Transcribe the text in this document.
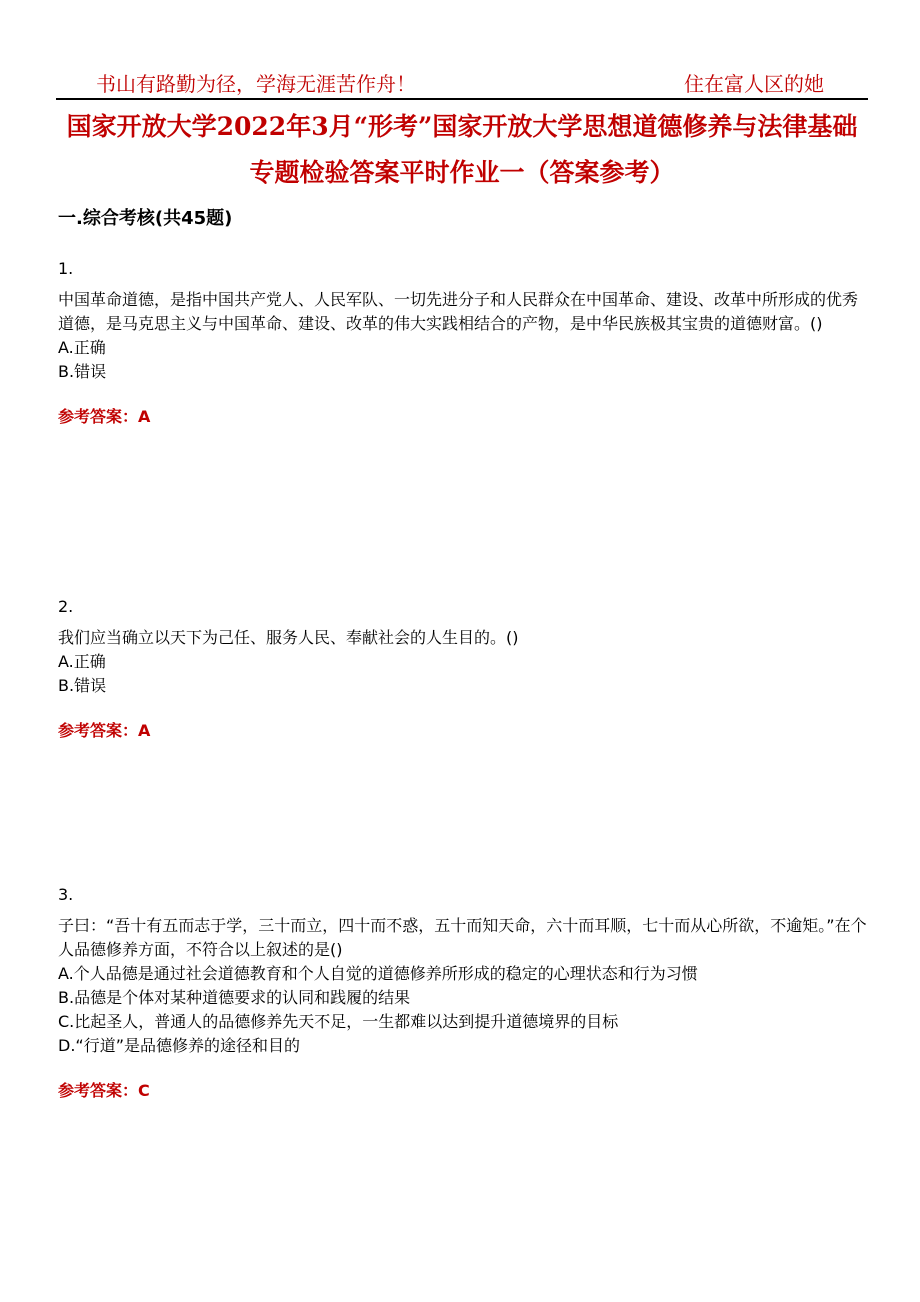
书山有路勤为径，学海无涯苦作舟！	住在富人区的她
国家开放大学2022年3月“形考”国家开放大学思想道德修养与法律基础专题检验答案平时作业一（答案参考）
一.综合考核(共45题)
1.
中国革命道德，是指中国共产党人、人民军队、一切先进分子和人民群众在中国革命、建设、改革中所形成的优秀道德，是马克思主义与中国革命、建设、改革的伟大实践相结合的产物，是中华民族极其宝贵的道德财富。()
A.正确
B.错误
参考答案：A
2.
我们应当确立以天下为己任、服务人民、奉献社会的人生目的。()
A.正确
B.错误
参考答案：A
3.
子曰：“吾十有五而志于学，三十而立，四十而不惑，五十而知天命，六十而耳顺，七十而从心所欲，不逾矩。”在个人品德修养方面，不符合以上叙述的是()
A.个人品德是通过社会道德教育和个人自觉的道德修养所形成的稳定的心理状态和行为习惯
B.品德是个体对某种道德要求的认同和践履的结果
C.比起圣人，普通人的品德修养先天不足，一生都难以达到提升道德境界的目标
D.“行道”是品德修养的途径和目的
参考答案：C
